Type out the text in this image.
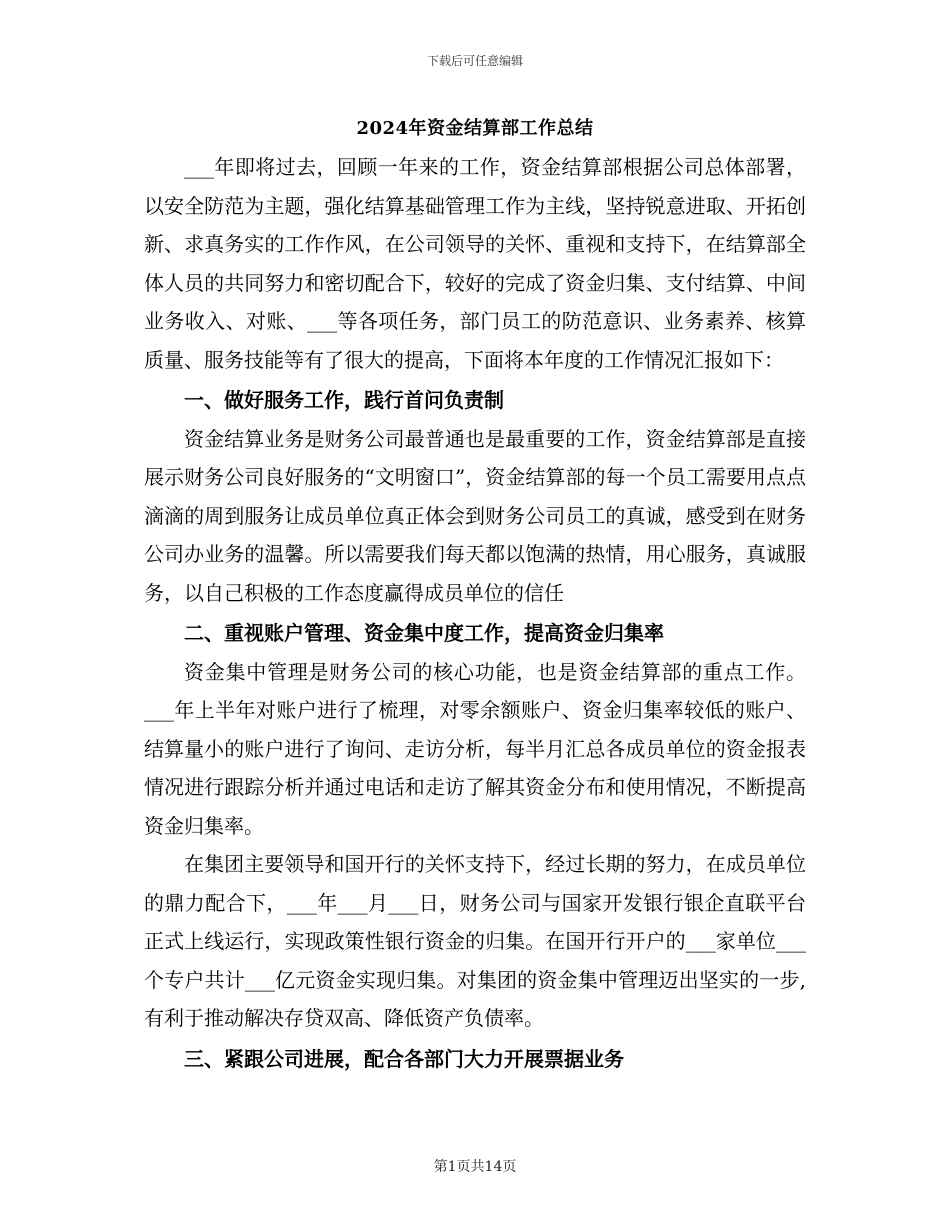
下载后可任意编辑
2024年资金结算部工作总结

___年即将过去，回顾一年来的工作，资金结算部根据公司总体部署，以安全防范为主题，强化结算基础管理工作为主线，坚持锐意进取、开拓创新、求真务实的工作作风，在公司领导的关怀、重视和支持下，在结算部全体人员的共同努力和密切配合下，较好的完成了资金归集、支付结算、中间业务收入、对账、___等各项任务，部门员工的防范意识、业务素养、核算质量、服务技能等有了很大的提高，下面将本年度的工作情况汇报如下：

一、做好服务工作，践行首问负责制

资金结算业务是财务公司最普通也是最重要的工作，资金结算部是直接展示财务公司良好服务的“文明窗口”，资金结算部的每一个员工需要用点点滴滴的周到服务让成员单位真正体会到财务公司员工的真诚，感受到在财务公司办业务的温馨。所以需要我们每天都以饱满的热情，用心服务，真诚服务，以自己积极的工作态度赢得成员单位的信任

二、重视账户管理、资金集中度工作，提高资金归集率

资金集中管理是财务公司的核心功能，也是资金结算部的重点工作。___年上半年对账户进行了梳理，对零余额账户、资金归集率较低的账户、结算量小的账户进行了询问、走访分析，每半月汇总各成员单位的资金报表情况进行跟踪分析并通过电话和走访了解其资金分布和使用情况，不断提高资金归集率。

在集团主要领导和国开行的关怀支持下，经过长期的努力，在成员单位的鼎力配合下，___年___月___日，财务公司与国家开发银行银企直联平台正式上线运行，实现政策性银行资金的归集。在国开行开户的___家单位___个专户共计___亿元资金实现归集。对集团的资金集中管理迈出坚实的一步,有利于推动解决存贷双高、降低资产负债率。

三、紧跟公司进展，配合各部门大力开展票据业务

第1页共14页
